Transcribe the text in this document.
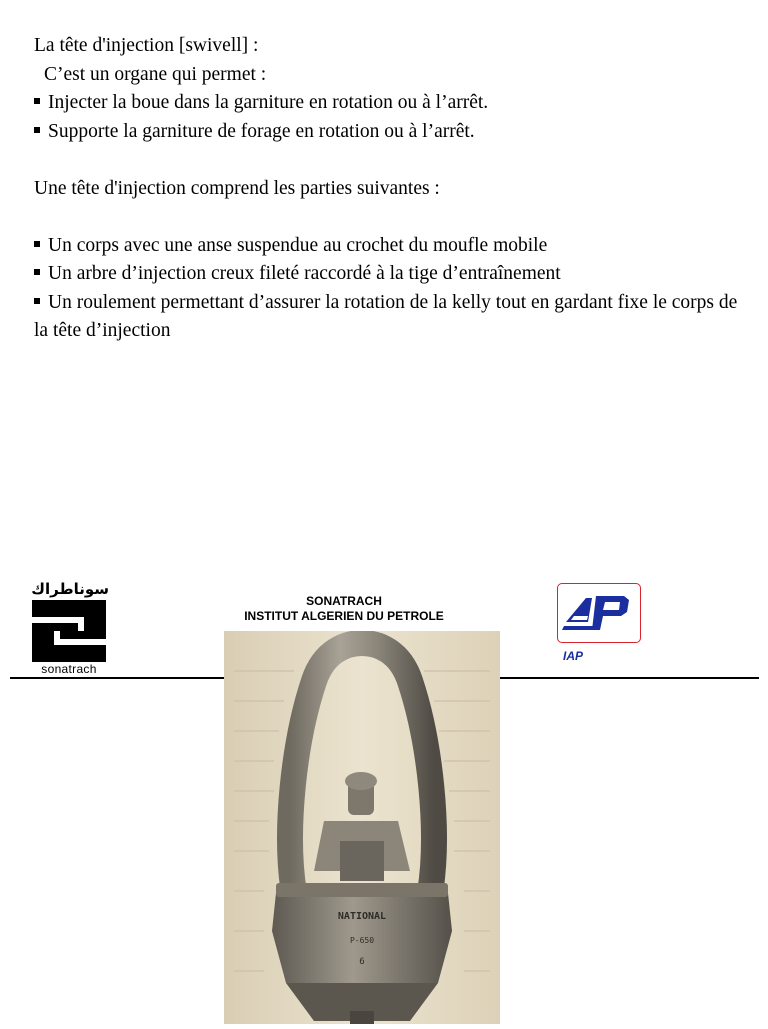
La tête d'injection [swivell] :
C’est un organe qui permet :
Injecter la boue dans la garniture en rotation ou à l’arrêt.
Supporte la garniture de forage en rotation ou à l’arrêt.
Une tête d'injection comprend les parties suivantes :
Un corps avec une anse suspendue au crochet du moufle mobile
Un arbre d’injection creux fileté raccordé à la tige d’entraînement
Un roulement permettant d’assurer la rotation de la kelly tout en gardant fixe le corps de la tête d’injection
سوناطراك
sonatrach
SONATRACH
INSTITUT ALGERIEN DU PETROLE
IAP
NATIONAL
P-650
6
